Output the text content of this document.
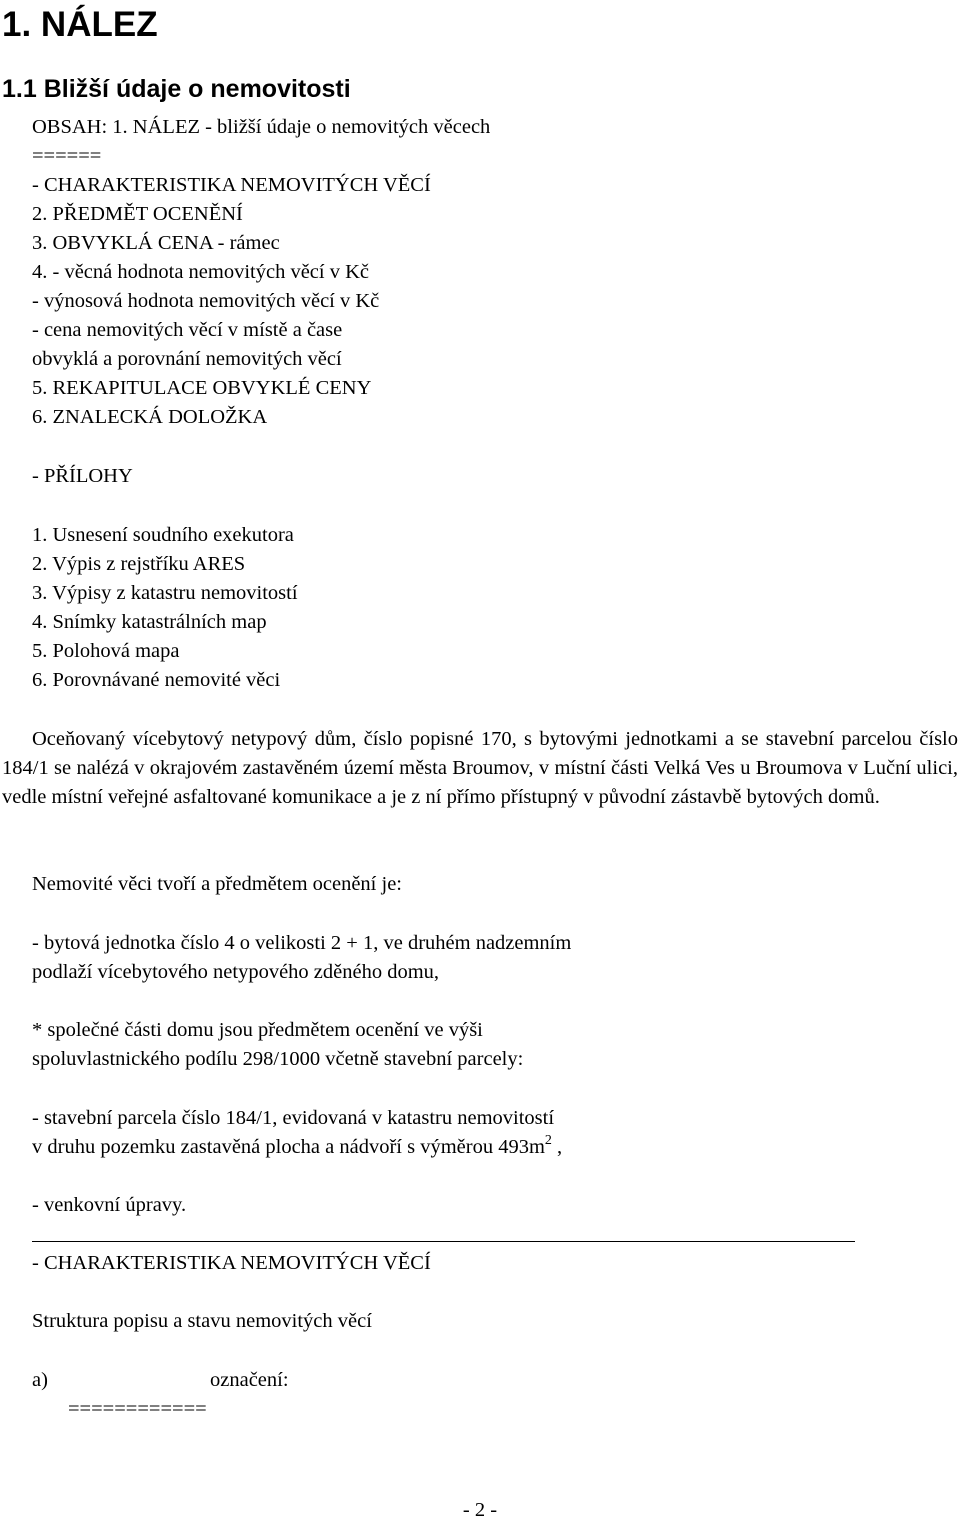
1. NÁLEZ
1.1 Bližší údaje o nemovitosti
OBSAH: 1. NÁLEZ - bližší údaje o nemovitých věcech
======
- CHARAKTERISTIKA NEMOVITÝCH VĚCÍ
2. PŘEDMĚT OCENĚNÍ
3. OBVYKLÁ CENA - rámec
4. - věcná hodnota nemovitých věcí v Kč
- výnosová hodnota nemovitých věcí v Kč
- cena nemovitých věcí v místě a čase
obvyklá a porovnání nemovitých věcí
5. REKAPITULACE OBVYKLÉ CENY
6. ZNALECKÁ DOLOŽKA
- PŘÍLOHY
1. Usnesení soudního exekutora
2. Výpis z rejstříku ARES
3. Výpisy z katastru nemovitostí
4. Snímky katastrálních map
5. Polohová mapa
6. Porovnávané nemovité věci
Oceňovaný vícebytový netypový dům, číslo popisné 170, s bytovými jednotkami a se stavební parcelou číslo 184/1 se nalézá v okrajovém zastavěném území města Broumov, v místní části Velká Ves u Broumova v Luční ulici, vedle místní veřejné asfaltované komunikace a je z ní přímo přístupný v původní zástavbě bytových domů.
Nemovité věci tvoří a předmětem ocenění je:
- bytová jednotka číslo 4 o velikosti 2 + 1, ve druhém nadzemním
podlaží vícebytového netypového zděného domu,
* společné části domu jsou předmětem ocenění ve výši
spoluvlastnického podílu 298/1000 včetně stavební parcely:
- stavební parcela číslo 184/1, evidovaná v katastru nemovitostí
v druhu pozemku zastavěná plocha a nádvoří s výměrou $493m^2$ ,
- venkovní úpravy.
- CHARAKTERISTIKA NEMOVITÝCH VĚCÍ
Struktura popisu a stavu nemovitých věcí
a)	označení:
============
- 2 -
